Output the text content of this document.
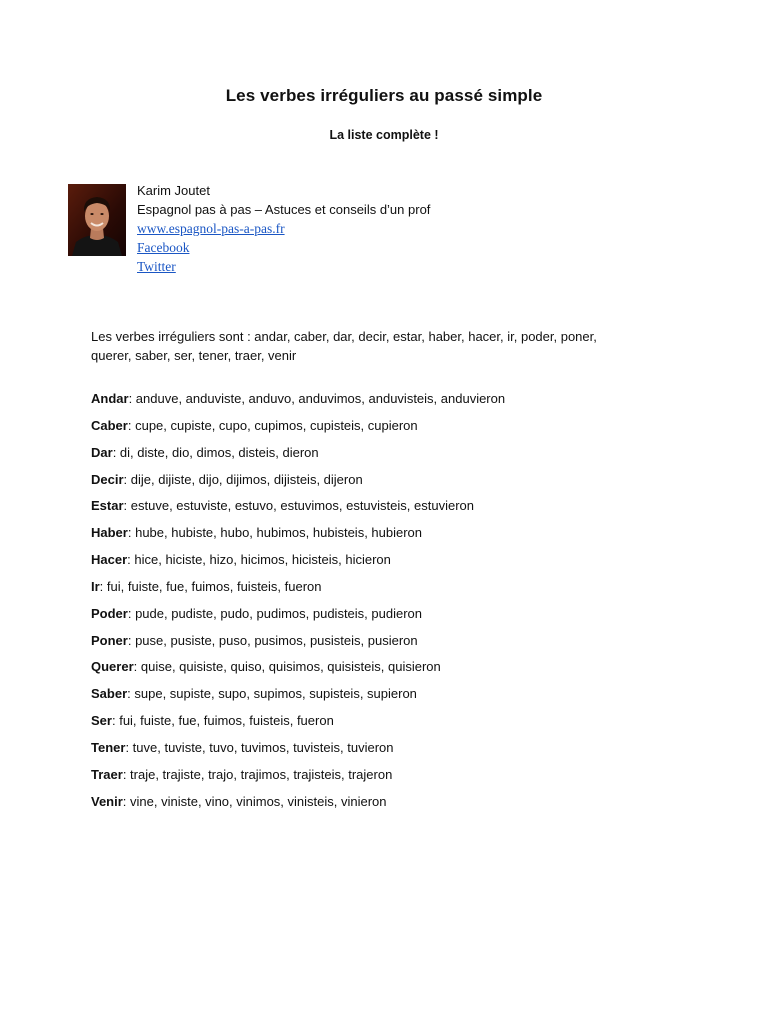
Les verbes irréguliers au passé simple
La liste complète !
Karim Joutet
Espagnol pas à pas – Astuces et conseils d’un prof
www.espagnol-pas-a-pas.fr
Facebook
Twitter
Les verbes irréguliers sont : andar, caber, dar, decir, estar, haber, hacer, ir, poder, poner,
querer, saber, ser, tener, traer, venir
Andar: anduve, anduviste, anduvo, anduvimos, anduvisteis, anduvieron
Caber: cupe, cupiste, cupo, cupimos, cupisteis, cupieron
Dar: di, diste, dio, dimos, disteis, dieron
Decir: dije, dijiste, dijo, dijimos, dijisteis, dijeron
Estar: estuve, estuviste, estuvo, estuvimos, estuvisteis, estuvieron
Haber: hube, hubiste, hubo, hubimos, hubisteis, hubieron
Hacer: hice, hiciste, hizo, hicimos, hicisteis, hicieron
Ir: fui, fuiste, fue, fuimos, fuisteis, fueron
Poder: pude, pudiste, pudo, pudimos, pudisteis, pudieron
Poner: puse, pusiste, puso, pusimos, pusisteis, pusieron
Querer: quise, quisiste, quiso, quisimos, quisisteis, quisieron
Saber: supe, supiste, supo, supimos, supisteis, supieron
Ser: fui, fuiste, fue, fuimos, fuisteis, fueron
Tener: tuve, tuviste, tuvo, tuvimos, tuvisteis, tuvieron
Traer: traje, trajiste, trajo, trajimos, trajisteis, trajeron
Venir: vine, viniste, vino, vinimos, vinisteis, vinieron
